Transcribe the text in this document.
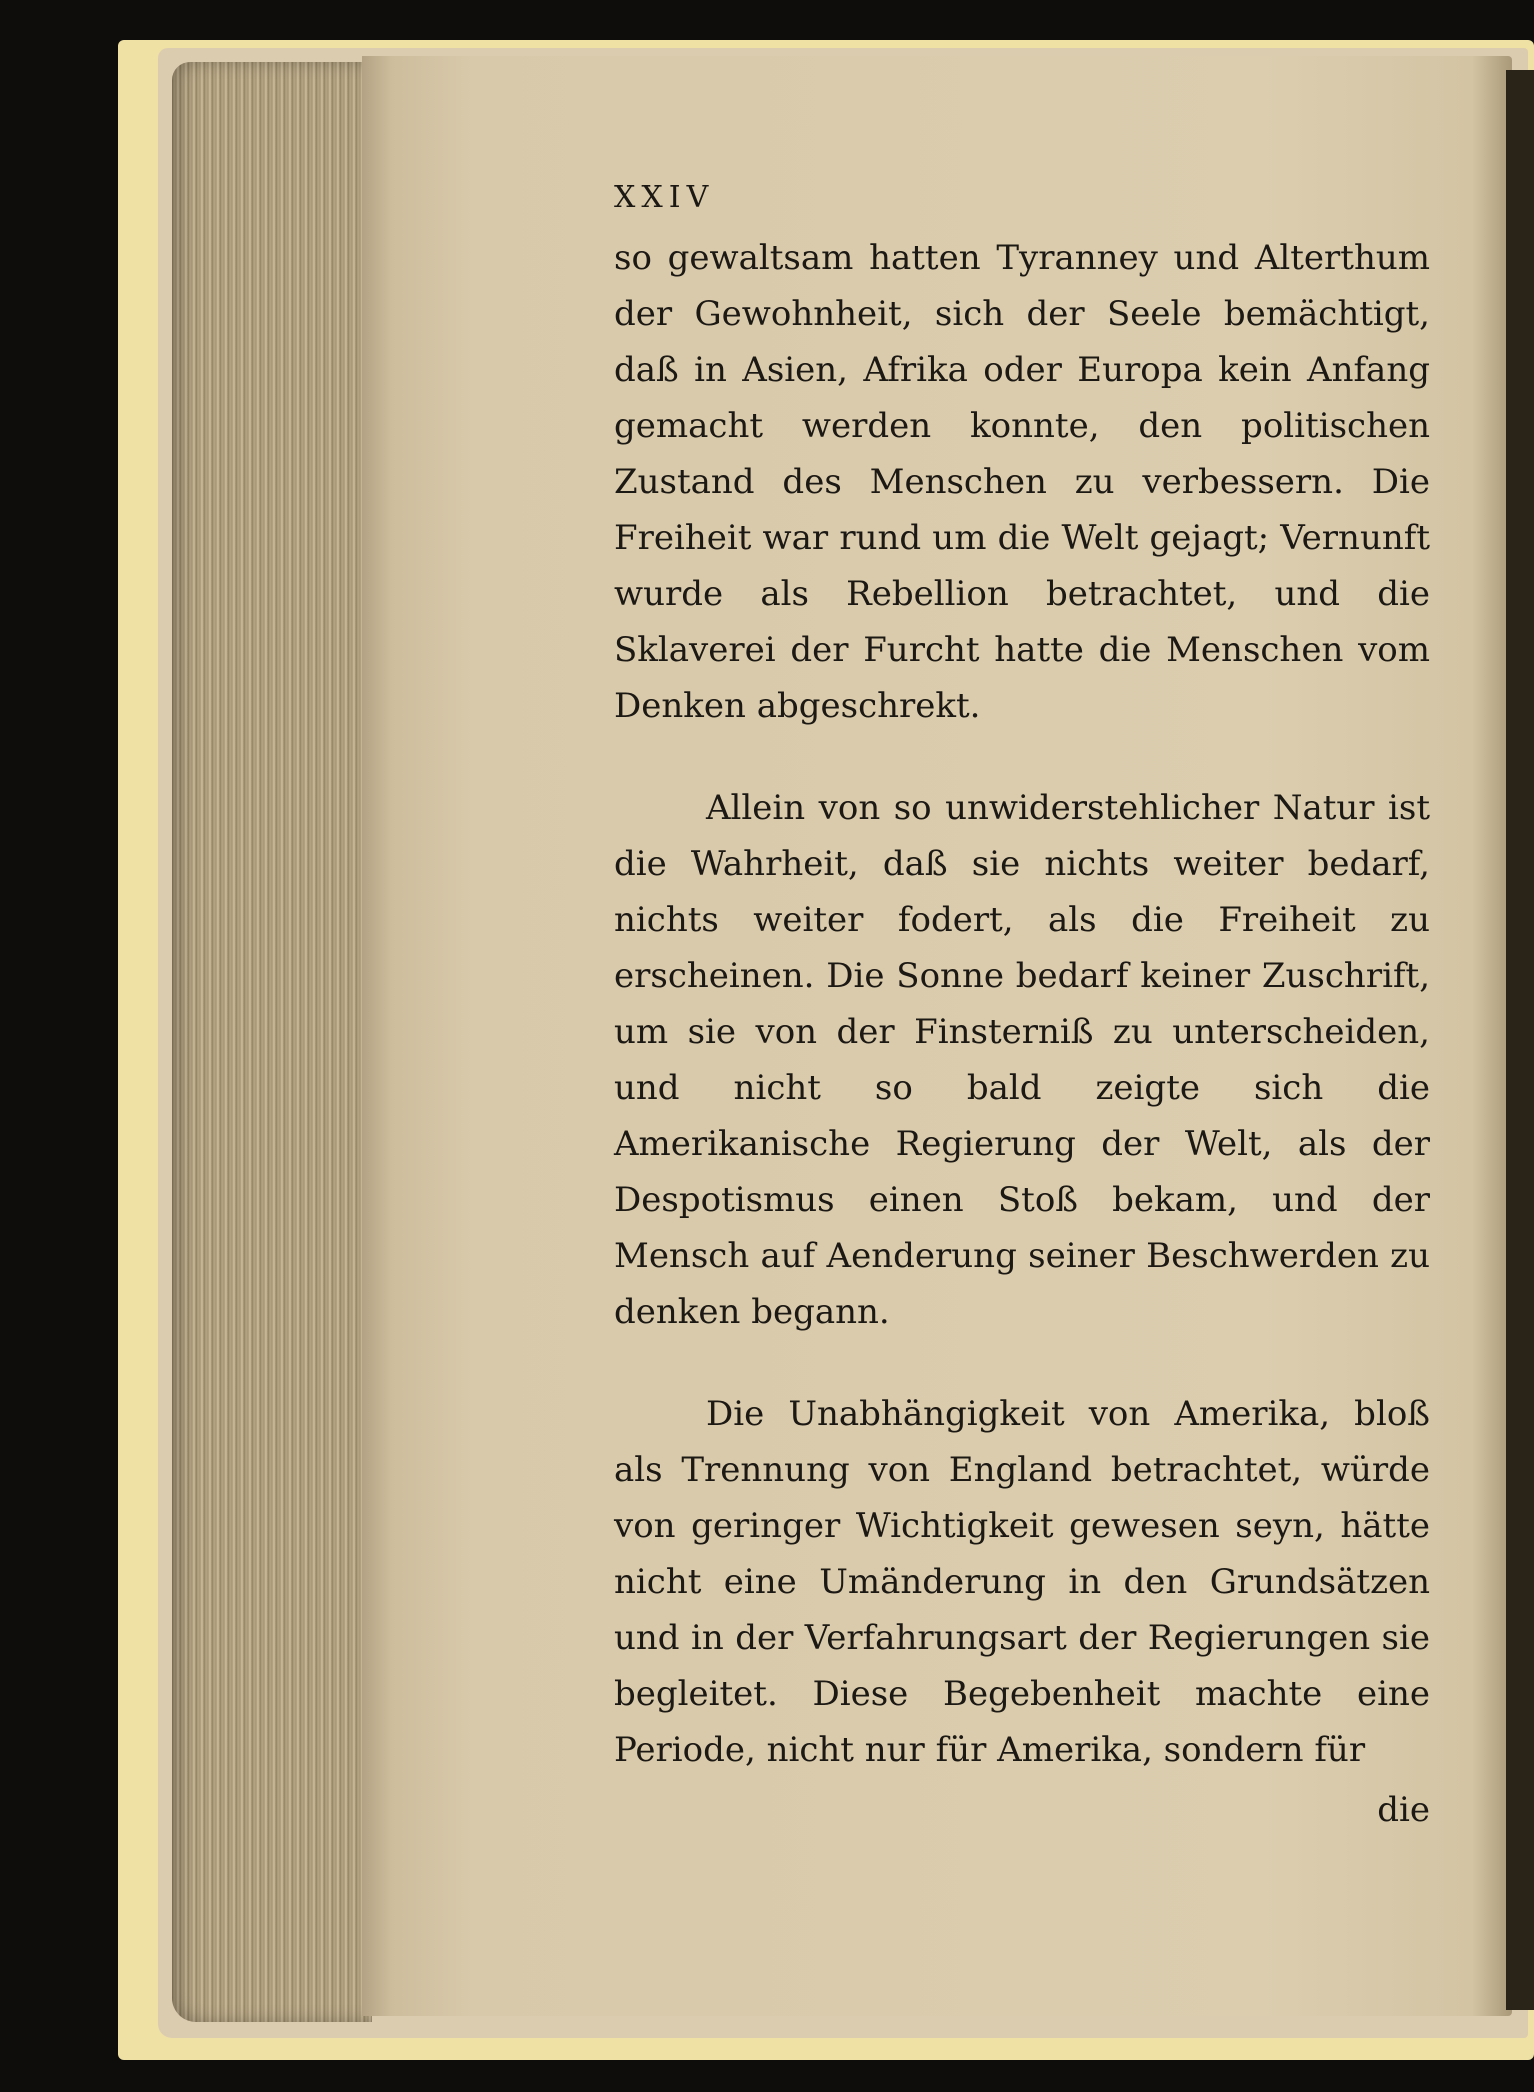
XXIV

so gewaltsam hatten Tyranney und Alterthum der Gewohnheit, sich der Seele bemächtigt, daß in Asien, Afrika oder Europa kein Anfang gemacht werden konnte, den politischen Zustand des Menschen zu verbessern. Die Freiheit war rund um die Welt gejagt; Vernunft wurde als Rebellion betrachtet, und die Sklaverei der Furcht hatte die Menschen vom Denken abgeschrekt.

Allein von so unwiderstehlicher Natur ist die Wahrheit, daß sie nichts weiter bedarf, nichts weiter fodert, als die Freiheit zu erscheinen. Die Sonne bedarf keiner Zuschrift, um sie von der Finsterniß zu unterscheiden, und nicht so bald zeigte sich die Amerikanische Regierung der Welt, als der Despotismus einen Stoß bekam, und der Mensch auf Aenderung seiner Beschwerden zu denken begann.

Die Unabhängigkeit von Amerika, bloß als Trennung von England betrachtet, würde von geringer Wichtigkeit gewesen seyn, hätte nicht eine Umänderung in den Grundsätzen und in der Verfahrungsart der Regierungen sie begleitet. Diese Begebenheit machte eine Periode, nicht nur für Amerika, sondern für

die
